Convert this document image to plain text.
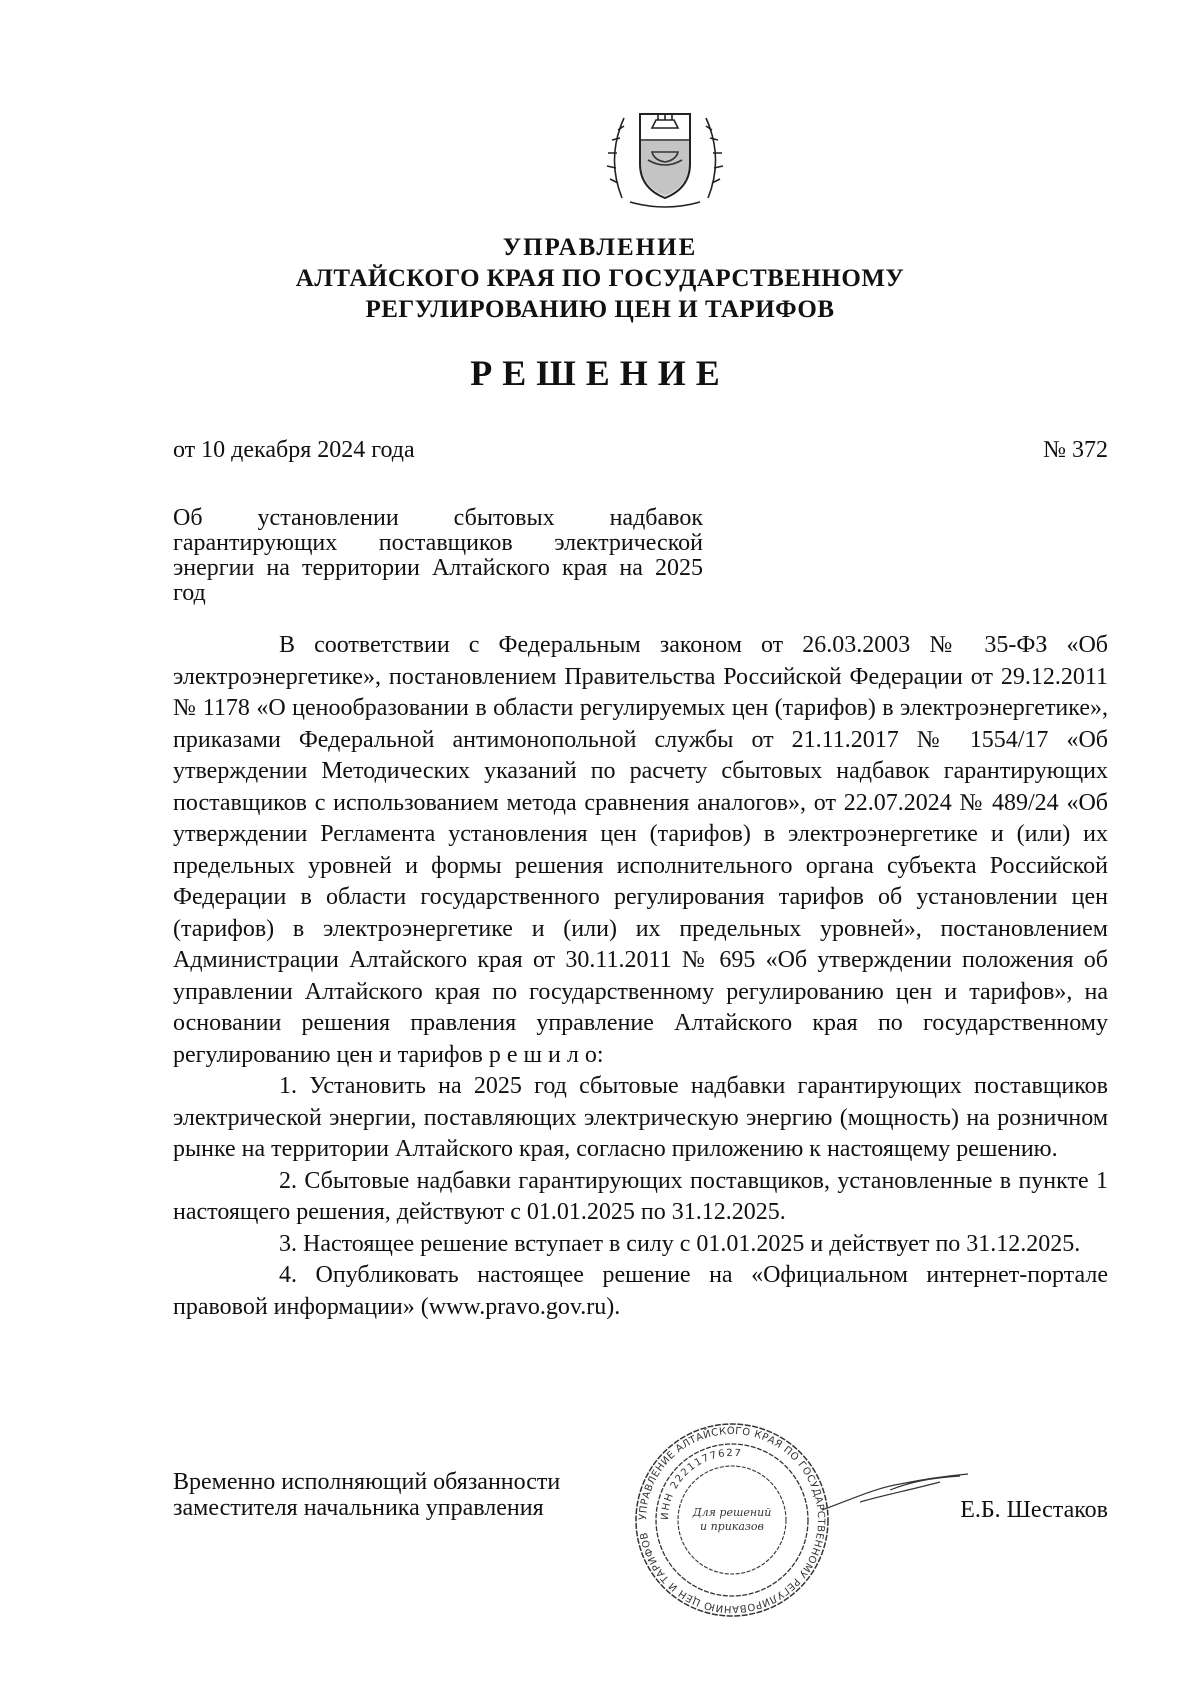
УПРАВЛЕНИЕ
АЛТАЙСКОГО КРАЯ ПО ГОСУДАРСТВЕННОМУ
РЕГУЛИРОВАНИЮ ЦЕН И ТАРИФОВ
РЕШЕНИЕ
от 10 декабря 2024 года	№ 372
Об установлении сбытовых надбавок гарантирующих поставщиков электрической энергии на территории Алтайского края на 2025 год

В соответствии с Федеральным законом от 26.03.2003 № 35-ФЗ «Об электроэнергетике», постановлением Правительства Российской Федерации от 29.12.2011 № 1178 «О ценообразовании в области регулируемых цен (тарифов) в электроэнергетике», приказами Федеральной антимонопольной службы от 21.11.2017 № 1554/17 «Об утверждении Методических указаний по расчету сбытовых надбавок гарантирующих поставщиков с использованием метода сравнения аналогов», от 22.07.2024 № 489/24 «Об утверждении Регламента установления цен (тарифов) в электроэнергетике и (или) их предельных уровней и формы решения исполнительного органа субъекта Российской Федерации в области государственного регулирования тарифов об установлении цен (тарифов) в электроэнергетике и (или) их предельных уровней», постановлением Администрации Алтайского края от 30.11.2011 № 695 «Об утверждении положения об управлении Алтайского края по государственному регулированию цен и тарифов», на основании решения правления управление Алтайского края по государственному регулированию цен и тарифов р е ш и л о:

1. Установить на 2025 год сбытовые надбавки гарантирующих поставщиков электрической энергии, поставляющих электрическую энергию (мощность) на розничном рынке на территории Алтайского края, согласно приложению к настоящему решению.

2. Сбытовые надбавки гарантирующих поставщиков, установленные в пункте 1 настоящего решения, действуют с 01.01.2025 по 31.12.2025.

3. Настоящее решение вступает в силу с 01.01.2025 и действует по 31.12.2025.

4. Опубликовать настоящее решение на «Официальном интернет-портале правовой информации» (www.pravo.gov.ru).

Временно исполняющий обязанности
заместителя начальника управления	УПРАВЛЕНИЕ АЛТАЙСКОГО КРАЯ ПО ГОСУДАРСТВЕННОМУ РЕГУЛИРОВАНИЮ ЦЕН И ТАРИФОВ
ИНН 2221177627
Для решений
и приказов
Е.Б. Шестаков
